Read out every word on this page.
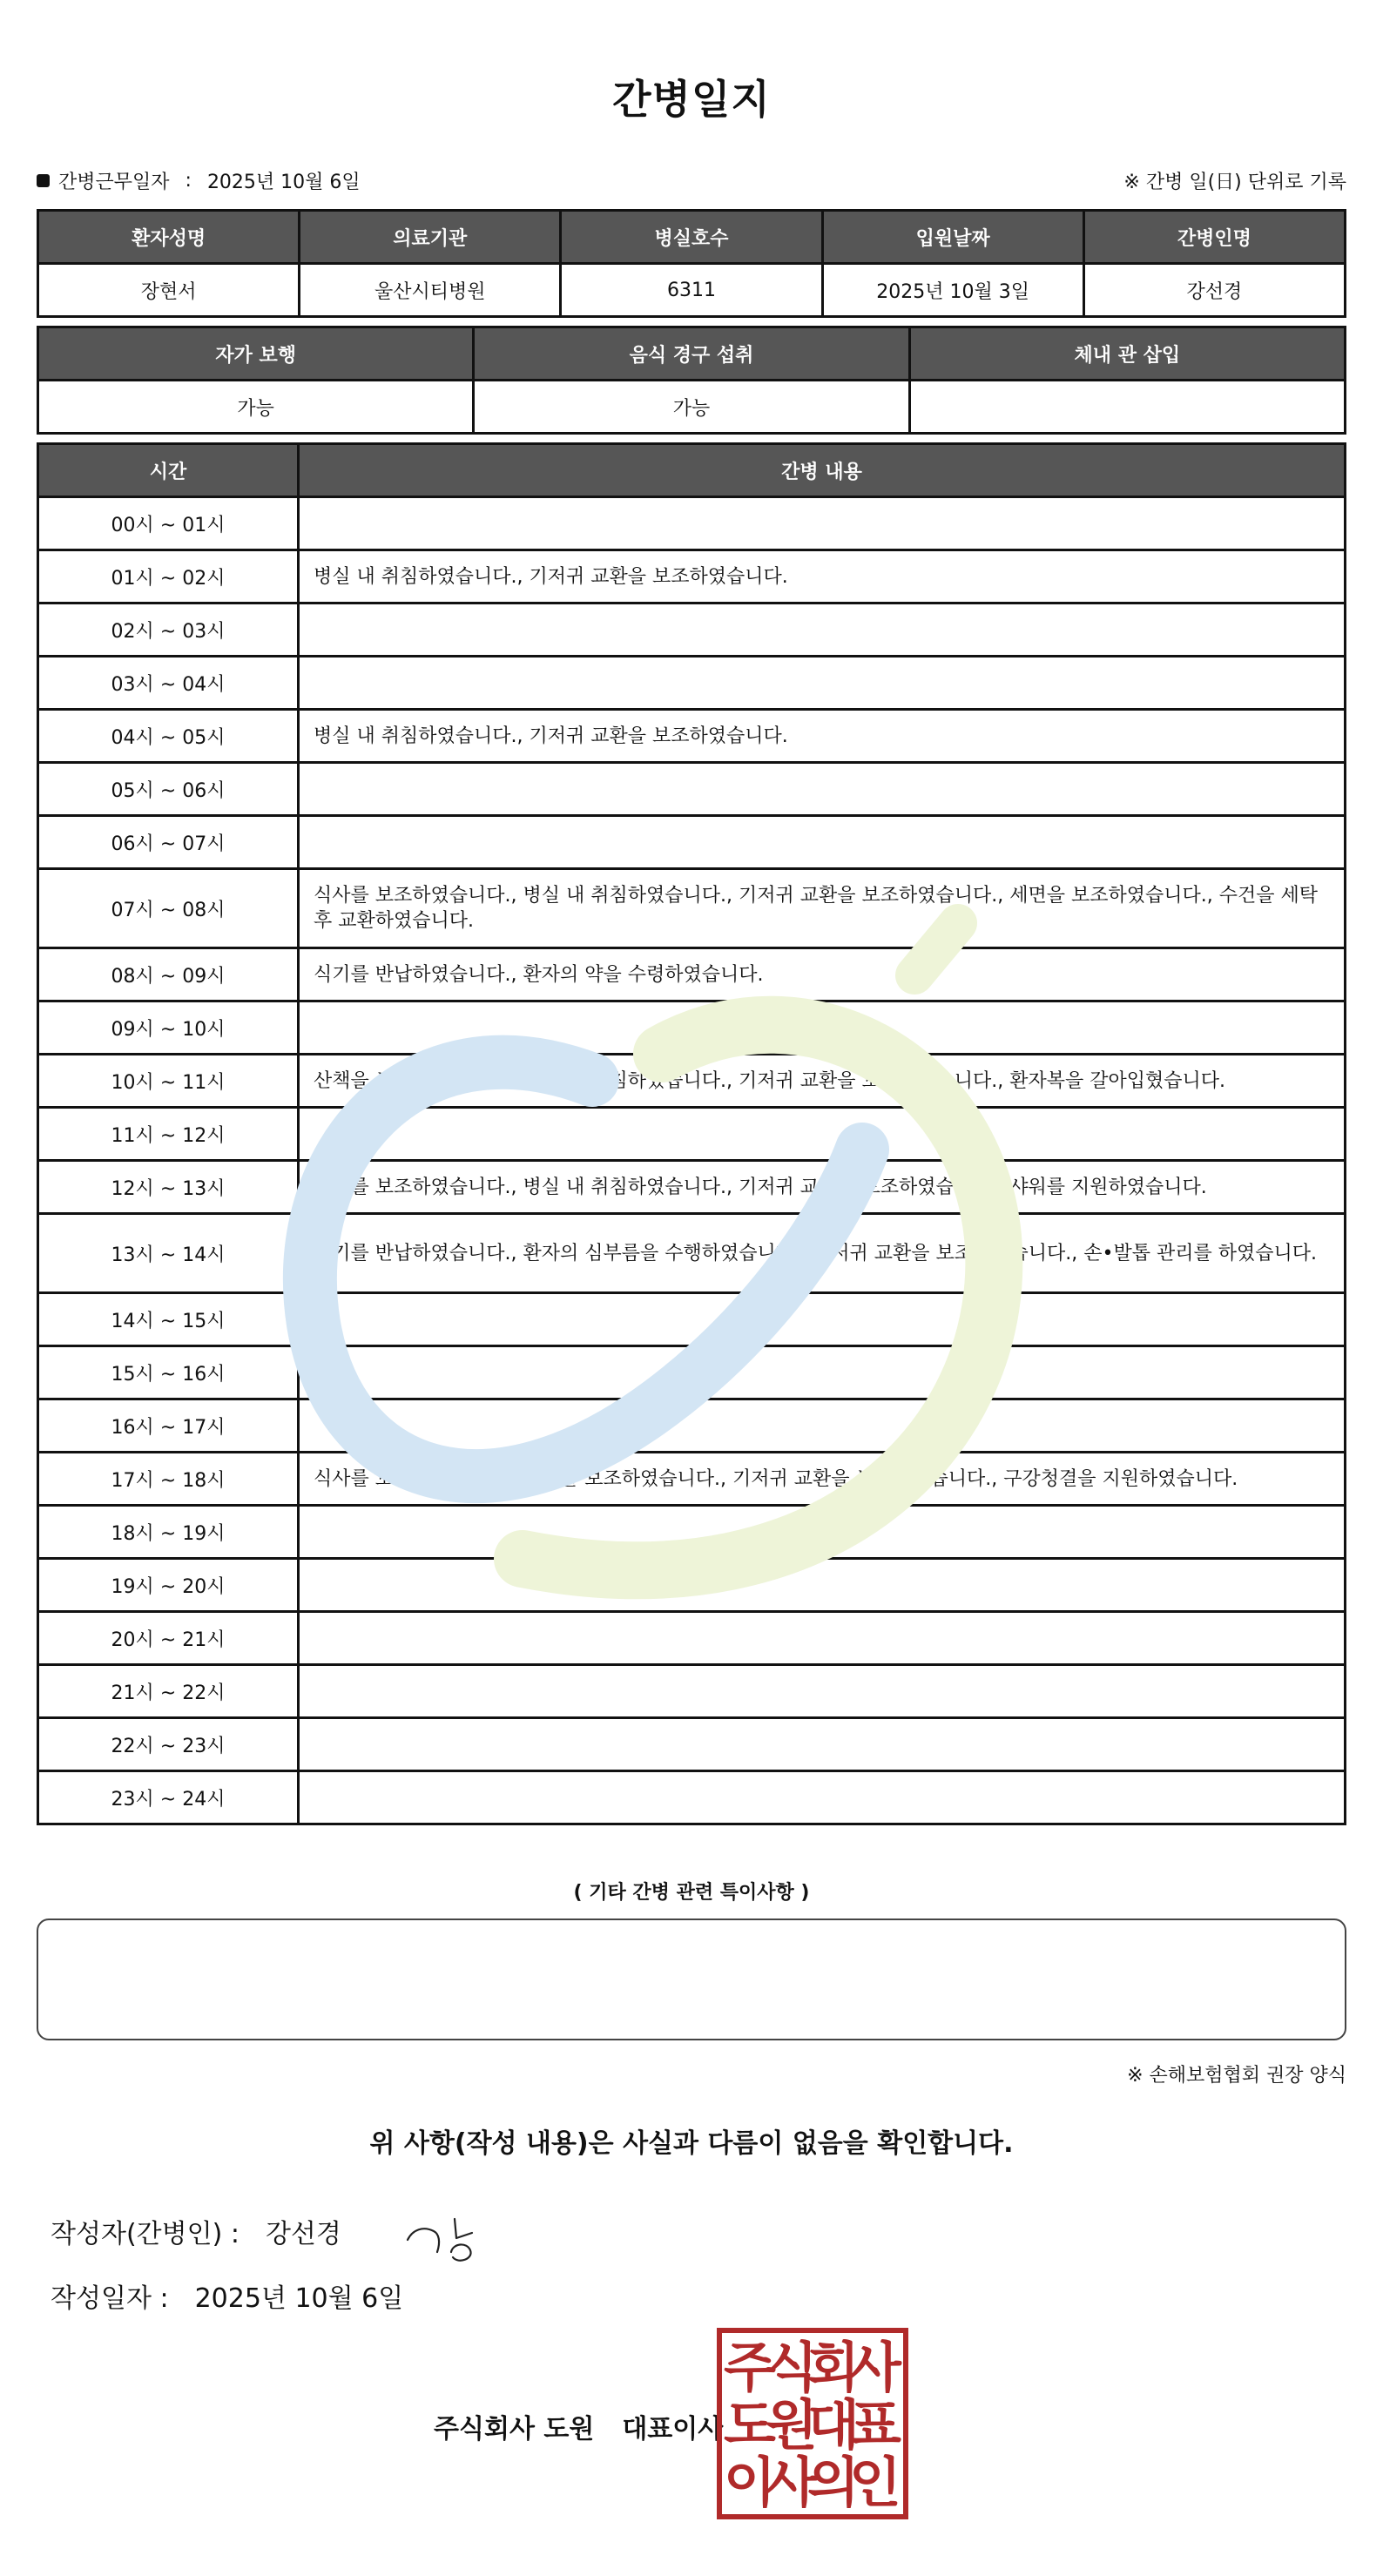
간병일지
간병근무일자 : 2025년 10월 6일	※ 간병 일(日) 단위로 기록
환자성명	의료기관	병실호수	입원날짜	간병인명
장현서	울산시티병원	6311	2025년 10월 3일	강선경
자가 보행	음식 경구 섭취	체내 관 삽입
가능	가능	
시간	간병 내용
00시 ~ 01시	
01시 ~ 02시	병실 내 취침하였습니다., 기저귀 교환을 보조하였습니다.
02시 ~ 03시	
03시 ~ 04시	
04시 ~ 05시	병실 내 취침하였습니다., 기저귀 교환을 보조하였습니다.
05시 ~ 06시	
06시 ~ 07시	
07시 ~ 08시	식사를 보조하였습니다., 병실 내 취침하였습니다., 기저귀 교환을 보조하였습니다., 세면을 보조하였습니다., 수건을 세탁 후 교환하였습니다.
08시 ~ 09시	식기를 반납하였습니다., 환자의 약을 수령하였습니다.
09시 ~ 10시	
10시 ~ 11시	산책을 보조하였습니다., 병실 내 취침하였습니다., 기저귀 교환을 보조하였습니다., 환자복을 갈아입혔습니다.
11시 ~ 12시	
12시 ~ 13시	식사를 보조하였습니다., 병실 내 취침하였습니다., 기저귀 교환을 보조하였습니다., 샤워를 지원하였습니다.
13시 ~ 14시	식기를 반납하였습니다., 환자의 심부름을 수행하였습니다., 기저귀 교환을 보조하였습니다., 손•발톱 관리를 하였습니다.
14시 ~ 15시	
15시 ~ 16시	
16시 ~ 17시	
17시 ~ 18시	식사를 보조하였습니다., 산책을 보조하였습니다., 기저귀 교환을 보조하였습니다., 구강청결을 지원하였습니다.
18시 ~ 19시	
19시 ~ 20시	
20시 ~ 21시	
21시 ~ 22시	
22시 ~ 23시	
23시 ~ 24시	
( 기타 간병 관련 특이사항 )
※ 손해보험협회 권장 양식
위 사항(작성 내용)은 사실과 다름이 없음을 확인합니다.
작성자(간병인) : 강선경
작성일자 : 2025년 10월 6일
주식회사 도원 대표이사
주
식
회
사
도
원
대
표
이
사
의
인
